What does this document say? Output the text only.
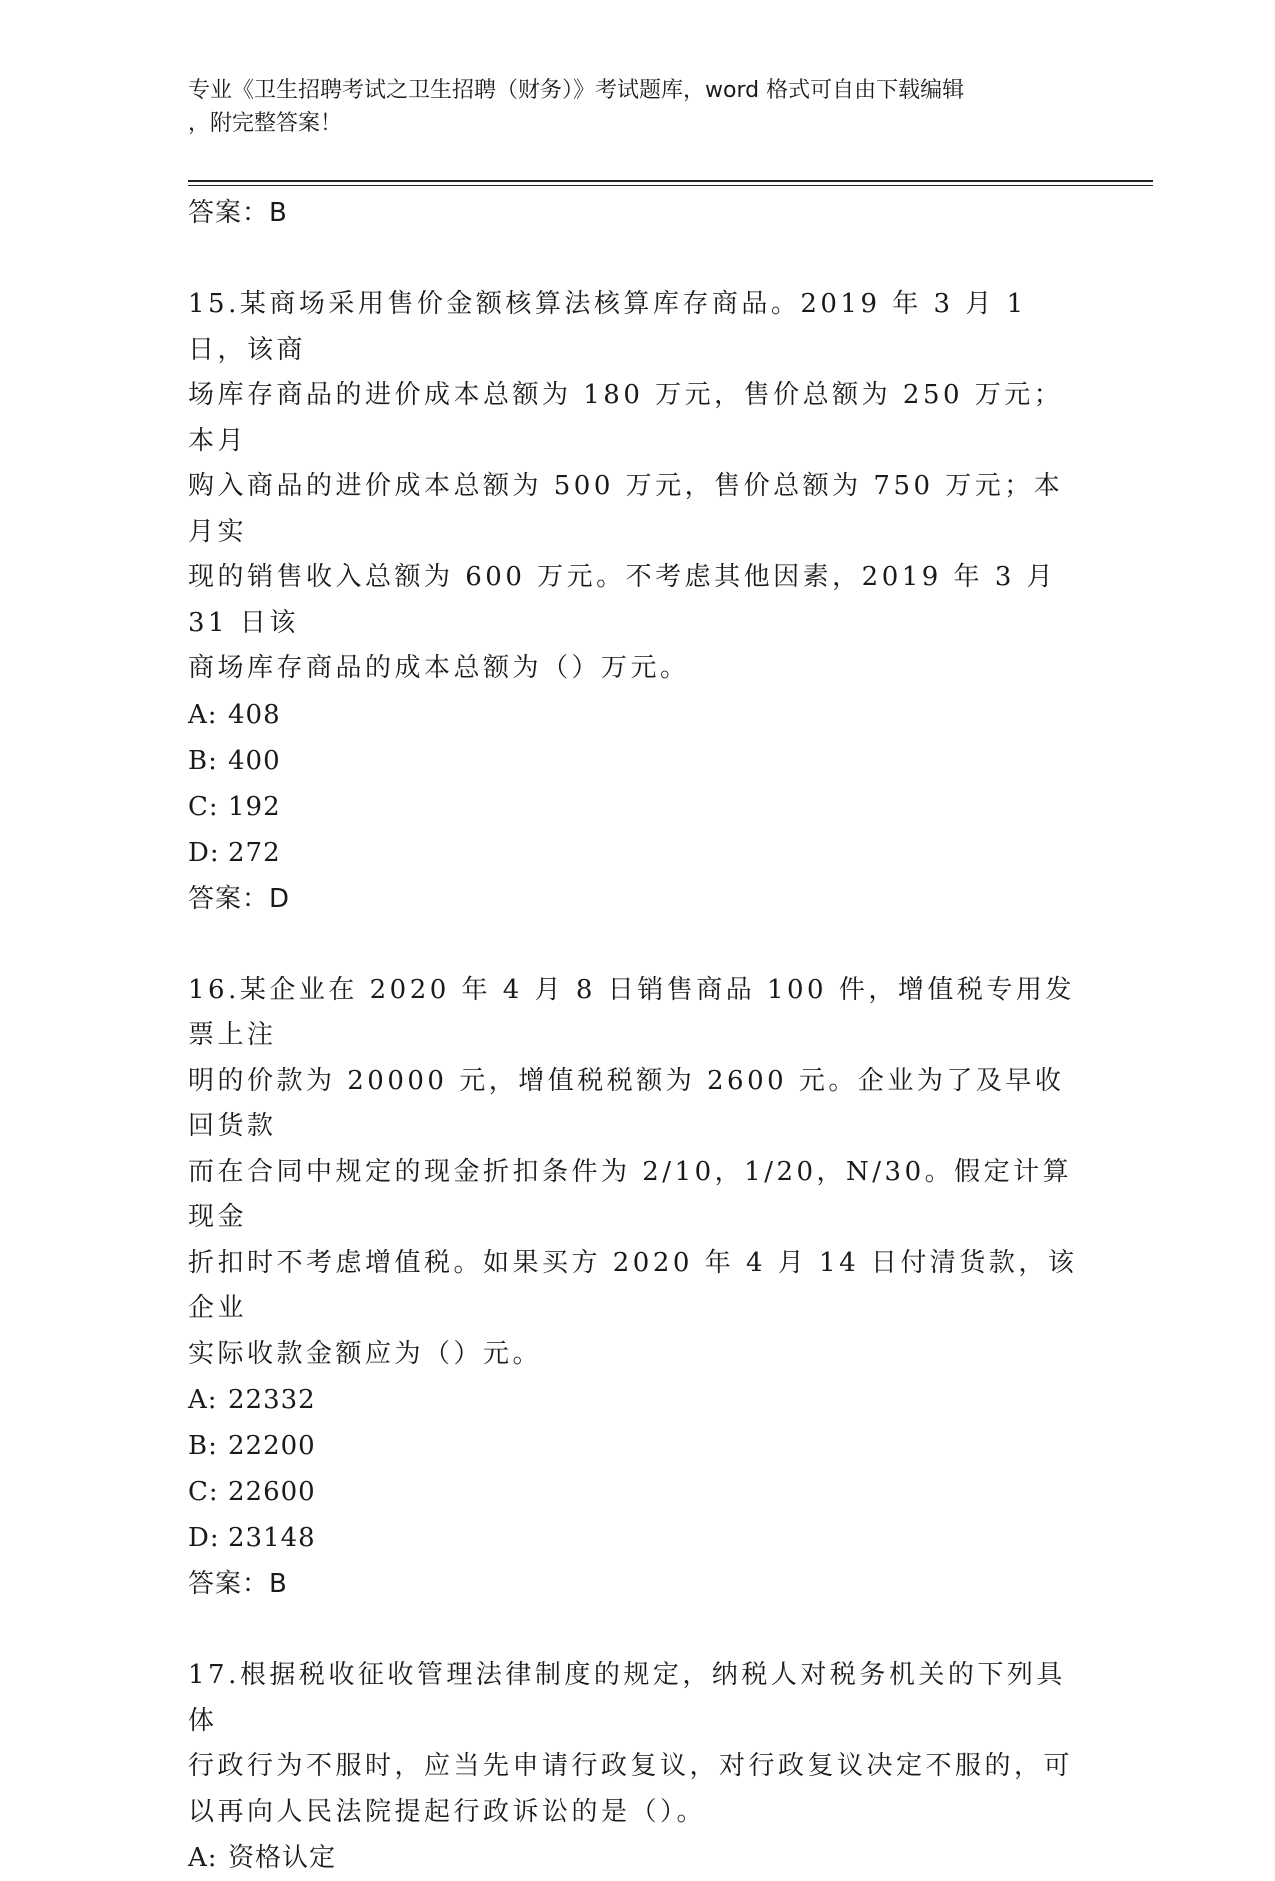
专业《卫生招聘考试之卫生招聘（财务）》考试题库，word 格式可自由下载编辑
，附完整答案！
答案：B
15.某商场采用售价金额核算法核算库存商品。2019 年 3 月 1 日，该商
场库存商品的进价成本总额为 180 万元，售价总额为 250 万元；本月
购入商品的进价成本总额为 500 万元，售价总额为 750 万元；本月实
现的销售收入总额为 600 万元。不考虑其他因素，2019 年 3 月 31 日该
商场库存商品的成本总额为（）万元。
A: 408
B: 400
C: 192
D: 272
答案：D
16.某企业在 2020 年 4 月 8 日销售商品 100 件，增值税专用发票上注
明的价款为 20000 元，增值税税额为 2600 元。企业为了及早收回货款
而在合同中规定的现金折扣条件为 2/10，1/20，N/30。假定计算现金
折扣时不考虑增值税。如果买方 2020 年 4 月 14 日付清货款，该企业
实际收款金额应为（）元。
A: 22332
B: 22200
C: 22600
D: 23148
答案：B
17.根据税收征收管理法律制度的规定，纳税人对税务机关的下列具体
行政行为不服时，应当先申请行政复议，对行政复议决定不服的，可
以再向人民法院提起行政诉讼的是（）。
A: 资格认定
